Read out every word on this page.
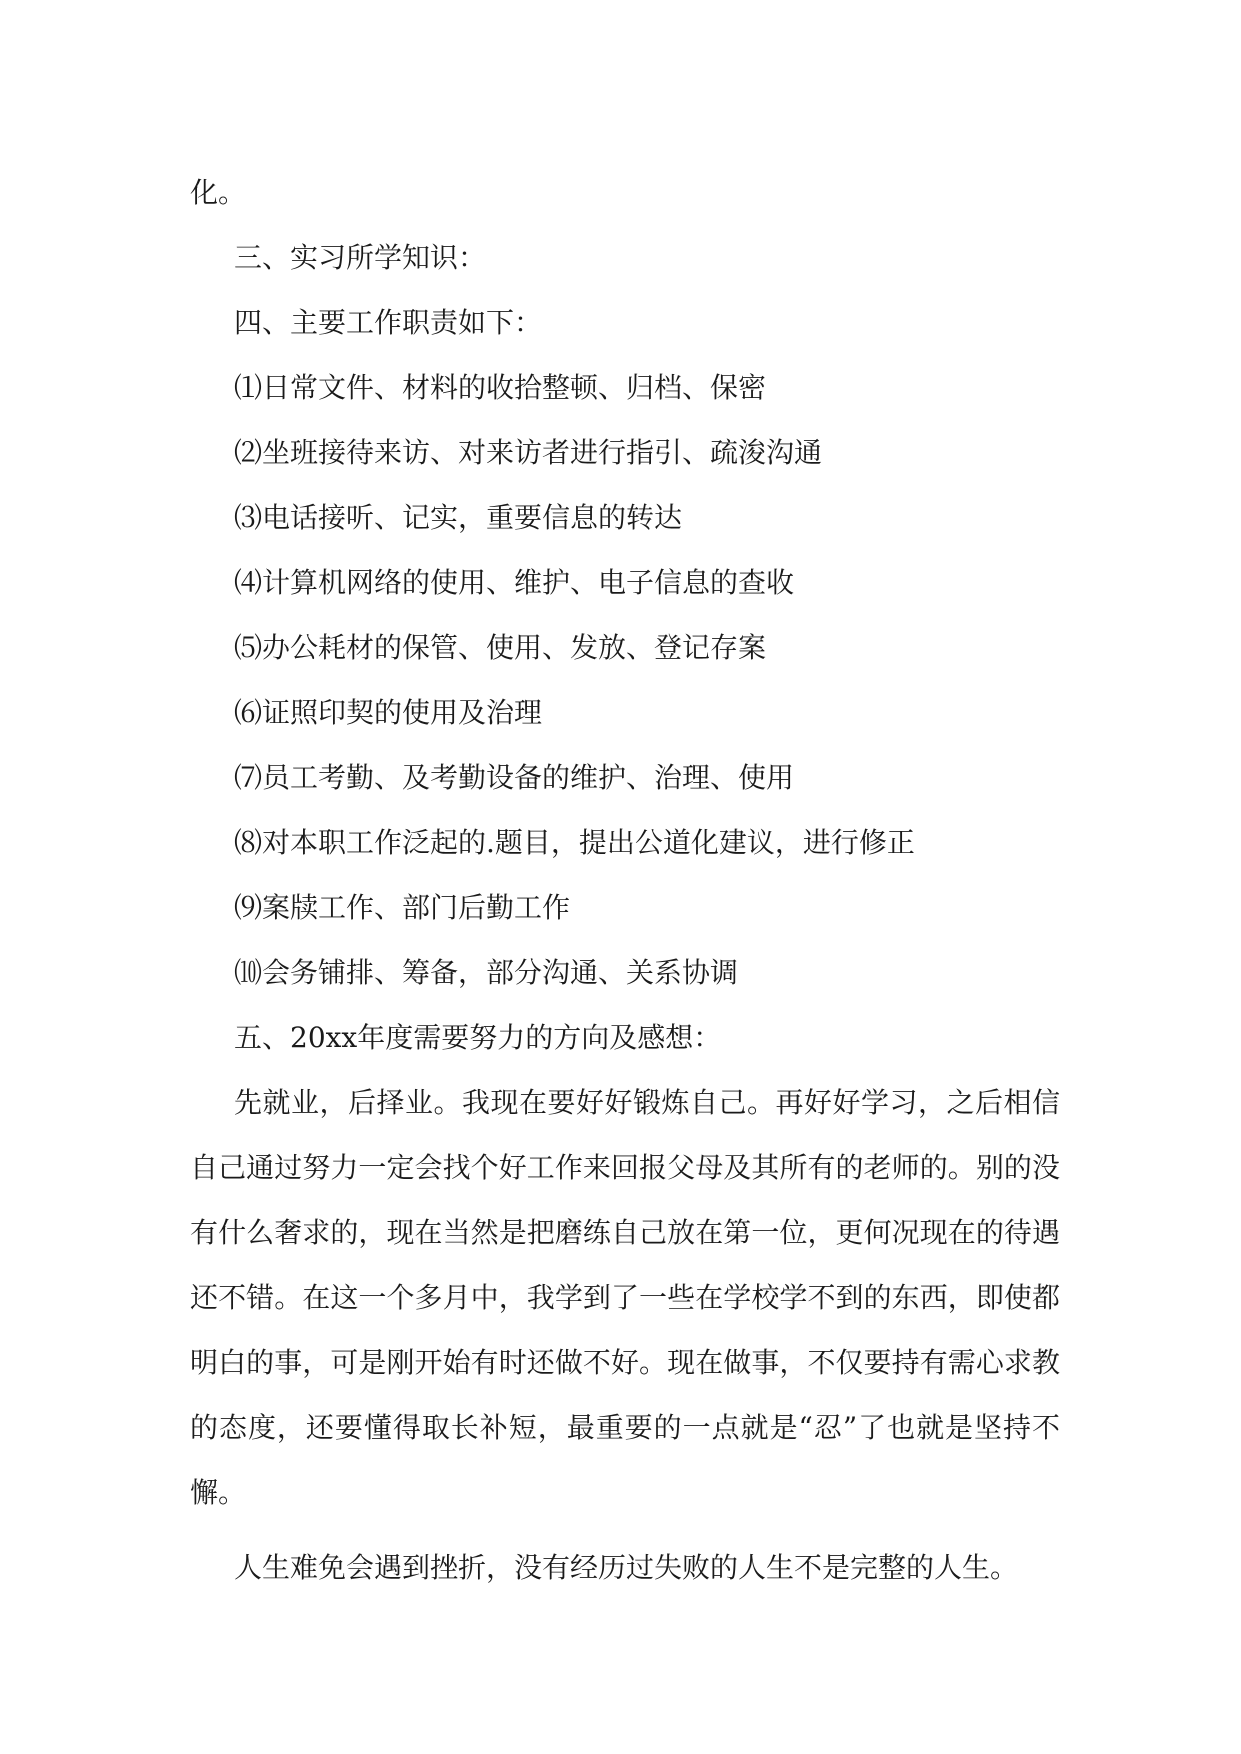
化。

三、实习所学知识：

四、主要工作职责如下：

⑴日常文件、材料的收拾整顿、归档、保密

⑵坐班接待来访、对来访者进行指引、疏浚沟通

⑶电话接听、记实，重要信息的转达

⑷计算机网络的使用、维护、电子信息的查收

⑸办公耗材的保管、使用、发放、登记存案

⑹证照印契的使用及治理

⑺员工考勤、及考勤设备的维护、治理、使用

⑻对本职工作泛起的.题目，提出公道化建议，进行修正

⑼案牍工作、部门后勤工作

⑽会务铺排、筹备，部分沟通、关系协调

五、20xx年度需要努力的方向及感想：

先就业，后择业。我现在要好好锻炼自己。再好好学习，之后相信自己通过努力一定会找个好工作来回报父母及其所有的老师的。别的没有什么奢求的，现在当然是把磨练自己放在第一位，更何况现在的待遇还不错。在这一个多月中，我学到了一些在学校学不到的东西，即使都明白的事，可是刚开始有时还做不好。现在做事，不仅要持有需心求教的态度，还要懂得取长补短，最重要的一点就是“忍”了也就是坚持不懈。

人生难免会遇到挫折，没有经历过失败的人生不是完整的人生。
